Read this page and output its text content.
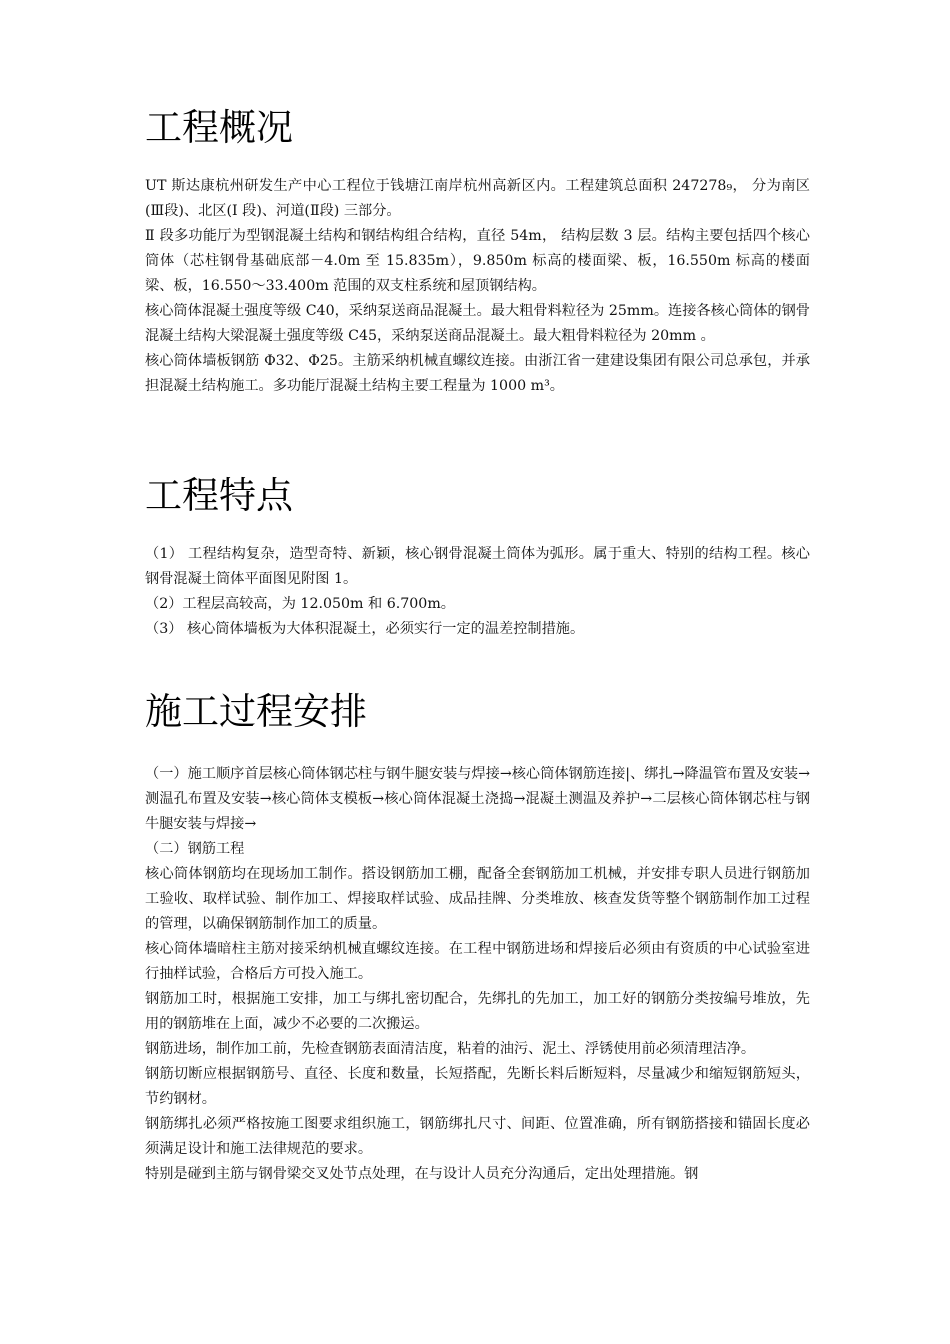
工程概况

UT 斯达康杭州研发生产中心工程位于钱塘江南岸杭州高新区内。工程建筑总面积 247278₉， 分为南区(Ⅲ段)、北区(Ⅰ 段)、河道(Ⅱ段) 三部分。

Ⅱ 段多功能厅为型钢混凝土结构和钢结构组合结构，直径 54m， 结构层数 3 层。结构主要包括四个核心筒体（芯柱钢骨基础底部－4.0m 至 15.835m），9.850m 标高的楼面梁、板，16.550m 标高的楼面梁、板，16.550～33.400m 范围的双支柱系统和屋顶钢结构。

核心筒体混凝土强度等级 C40，采纳泵送商品混凝土。最大粗骨料粒径为 25mm。连接各核心筒体的钢骨混凝土结构大梁混凝土强度等级 C45，采纳泵送商品混凝土。最大粗骨料粒径为 20mm 。

核心筒体墙板钢筋 Φ32、Φ25。主筋采纳机械直螺纹连接。由浙江省一建建设集团有限公司总承包，并承担混凝土结构施工。多功能厅混凝土结构主要工程量为 1000 m³。

工程特点

（1） 工程结构复杂，造型奇特、新颖，核心钢骨混凝土筒体为弧形。属于重大、特别的结构工程。核心钢骨混凝土筒体平面图见附图 1。

（2）工程层高较高，为 12.050m 和 6.700m。

（3） 核心筒体墙板为大体积混凝土，必须实行一定的温差控制措施。

施工过程安排

（一）施工顺序首层核心筒体钢芯柱与钢牛腿安装与焊接→核心筒体钢筋连接|、绑扎→降温管布置及安装→测温孔布置及安装→核心筒体支模板→核心筒体混凝土浇捣→混凝土测温及养护→二层核心筒体钢芯柱与钢牛腿安装与焊接→

（二）钢筋工程

核心筒体钢筋均在现场加工制作。搭设钢筋加工棚，配备全套钢筋加工机械，并安排专职人员进行钢筋加工验收、取样试验、制作加工、焊接取样试验、成品挂牌、分类堆放、核查发货等整个钢筋制作加工过程的管理，以确保钢筋制作加工的质量。

核心筒体墙暗柱主筋对接采纳机械直螺纹连接。在工程中钢筋进场和焊接后必须由有资质的中心试验室进行抽样试验，合格后方可投入施工。

钢筋加工时，根据施工安排，加工与绑扎密切配合，先绑扎的先加工，加工好的钢筋分类按编号堆放，先用的钢筋堆在上面，减少不必要的二次搬运。

钢筋进场，制作加工前，先检查钢筋表面清洁度，粘着的油污、泥土、浮锈使用前必须清理洁净。

钢筋切断应根据钢筋号、直径、长度和数量，长短搭配，先断长料后断短料，尽量减少和缩短钢筋短头，节约钢材。

钢筋绑扎必须严格按施工图要求组织施工，钢筋绑扎尺寸、间距、位置准确，所有钢筋搭接和锚固长度必须满足设计和施工法律规范的要求。

特别是碰到主筋与钢骨梁交叉处节点处理，在与设计人员充分沟通后，定出处理措施。钢
